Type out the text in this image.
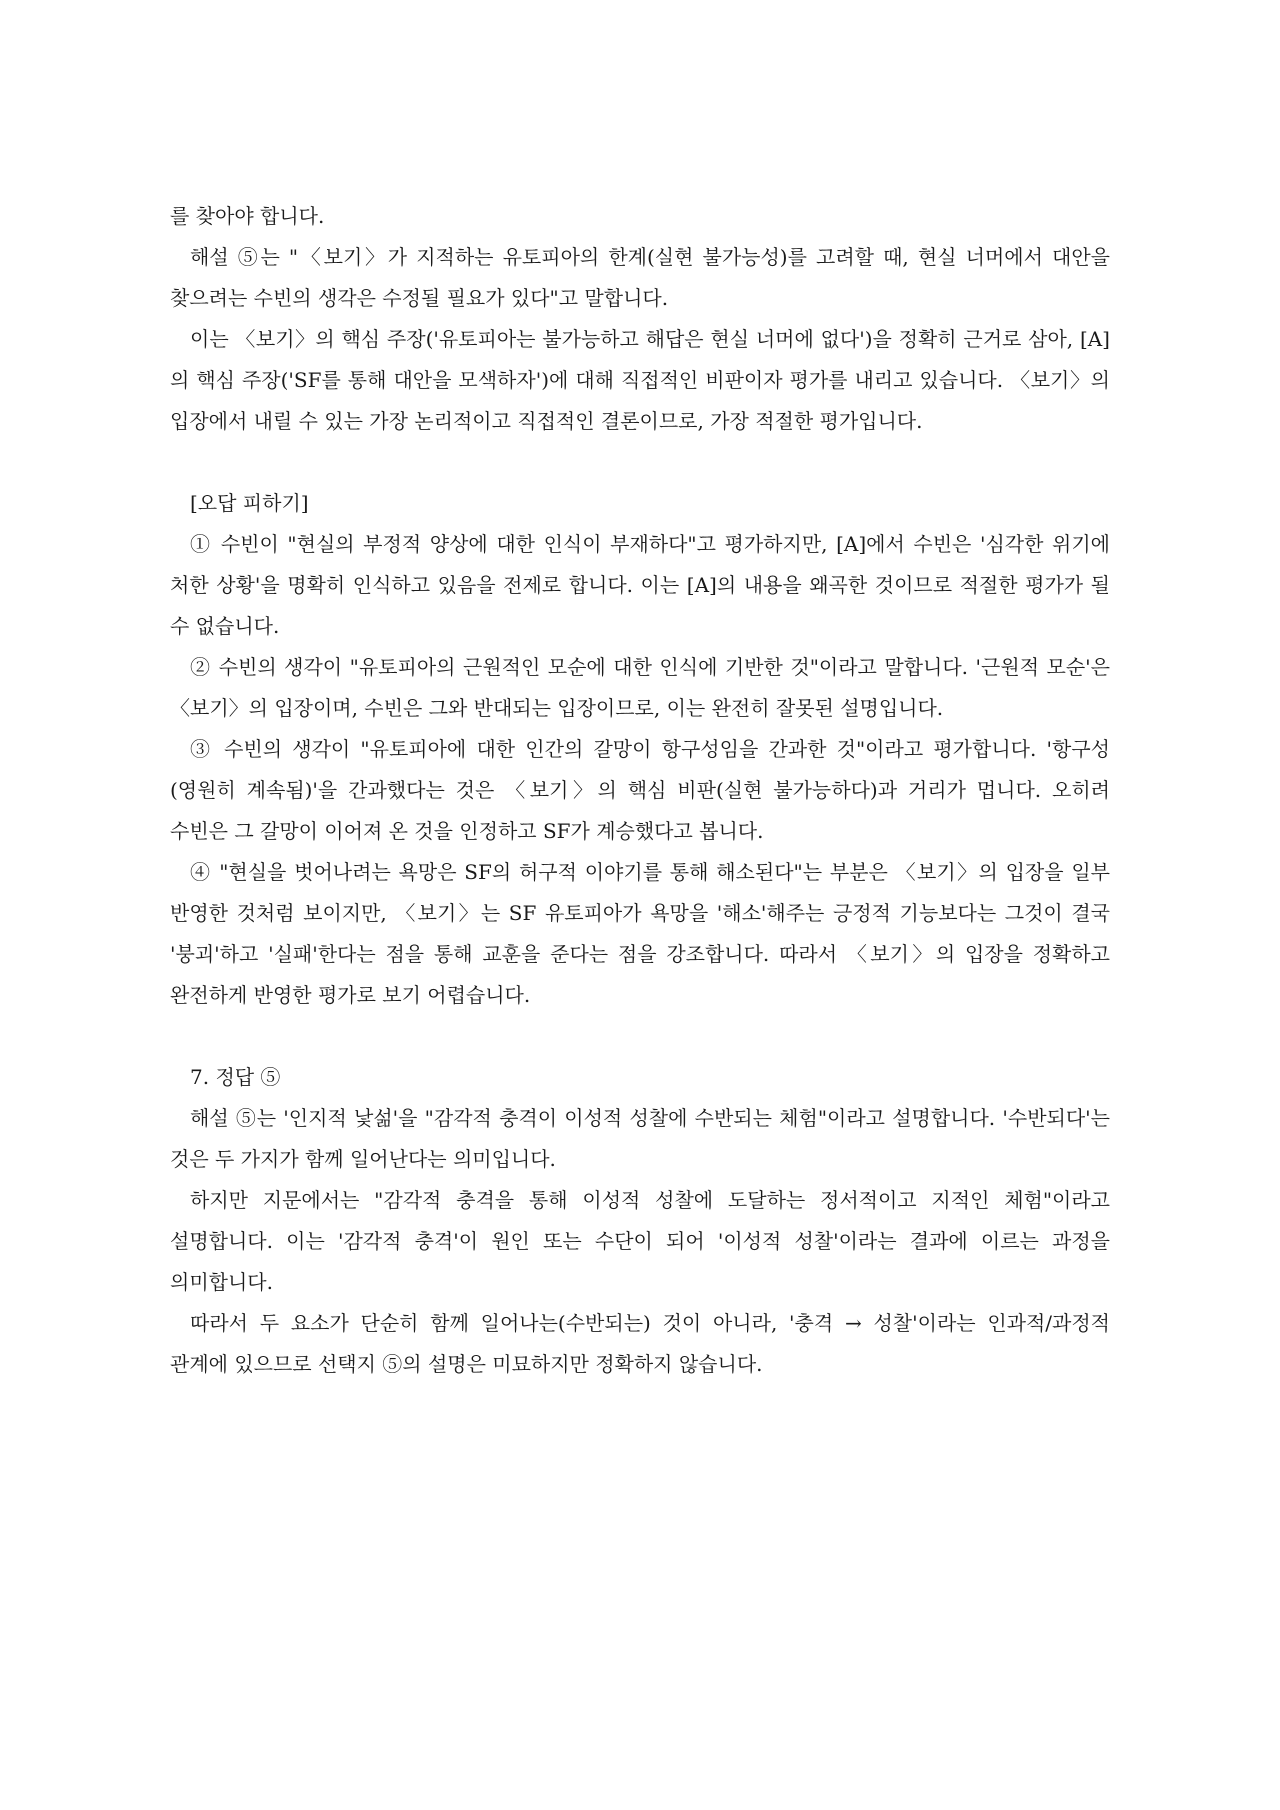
를 찾아야 합니다.

해설 ⑤는 "〈보기〉가 지적하는 유토피아의 한계(실현 불가능성)를 고려할 때, 현실 너머에서 대안을 찾으려는 수빈의 생각은 수정될 필요가 있다"고 말합니다.

이는 〈보기〉의 핵심 주장('유토피아는 불가능하고 해답은 현실 너머에 없다')을 정확히 근거로 삼아, [A]의 핵심 주장('SF를 통해 대안을 모색하자')에 대해 직접적인 비판이자 평가를 내리고 있습니다. 〈보기〉의 입장에서 내릴 수 있는 가장 논리적이고 직접적인 결론이므로, 가장 적절한 평가입니다.

[오답 피하기]

① 수빈이 "현실의 부정적 양상에 대한 인식이 부재하다"고 평가하지만, [A]에서 수빈은 '심각한 위기에 처한 상황'을 명확히 인식하고 있음을 전제로 합니다. 이는 [A]의 내용을 왜곡한 것이므로 적절한 평가가 될 수 없습니다.

② 수빈의 생각이 "유토피아의 근원적인 모순에 대한 인식에 기반한 것"이라고 말합니다. '근원적 모순'은 〈보기〉의 입장이며, 수빈은 그와 반대되는 입장이므로, 이는 완전히 잘못된 설명입니다.

③ 수빈의 생각이 "유토피아에 대한 인간의 갈망이 항구성임을 간과한 것"이라고 평가합니다. '항구성(영원히 계속됨)'을 간과했다는 것은 〈보기〉의 핵심 비판(실현 불가능하다)과 거리가 멉니다. 오히려 수빈은 그 갈망이 이어져 온 것을 인정하고 SF가 계승했다고 봅니다.

④ "현실을 벗어나려는 욕망은 SF의 허구적 이야기를 통해 해소된다"는 부분은 〈보기〉의 입장을 일부 반영한 것처럼 보이지만, 〈보기〉는 SF 유토피아가 욕망을 '해소'해주는 긍정적 기능보다는 그것이 결국 '붕괴'하고 '실패'한다는 점을 통해 교훈을 준다는 점을 강조합니다. 따라서 〈보기〉의 입장을 정확하고 완전하게 반영한 평가로 보기 어렵습니다.

7. 정답 ⑤

해설 ⑤는 '인지적 낯섦'을 "감각적 충격이 이성적 성찰에 수반되는 체험"이라고 설명합니다. '수반되다'는 것은 두 가지가 함께 일어난다는 의미입니다.

하지만 지문에서는 "감각적 충격을 통해 이성적 성찰에 도달하는 정서적이고 지적인 체험"이라고 설명합니다. 이는 '감각적 충격'이 원인 또는 수단이 되어 '이성적 성찰'이라는 결과에 이르는 과정을 의미합니다.

따라서 두 요소가 단순히 함께 일어나는(수반되는) 것이 아니라, '충격 → 성찰'이라는 인과적/과정적 관계에 있으므로 선택지 ⑤의 설명은 미묘하지만 정확하지 않습니다.
